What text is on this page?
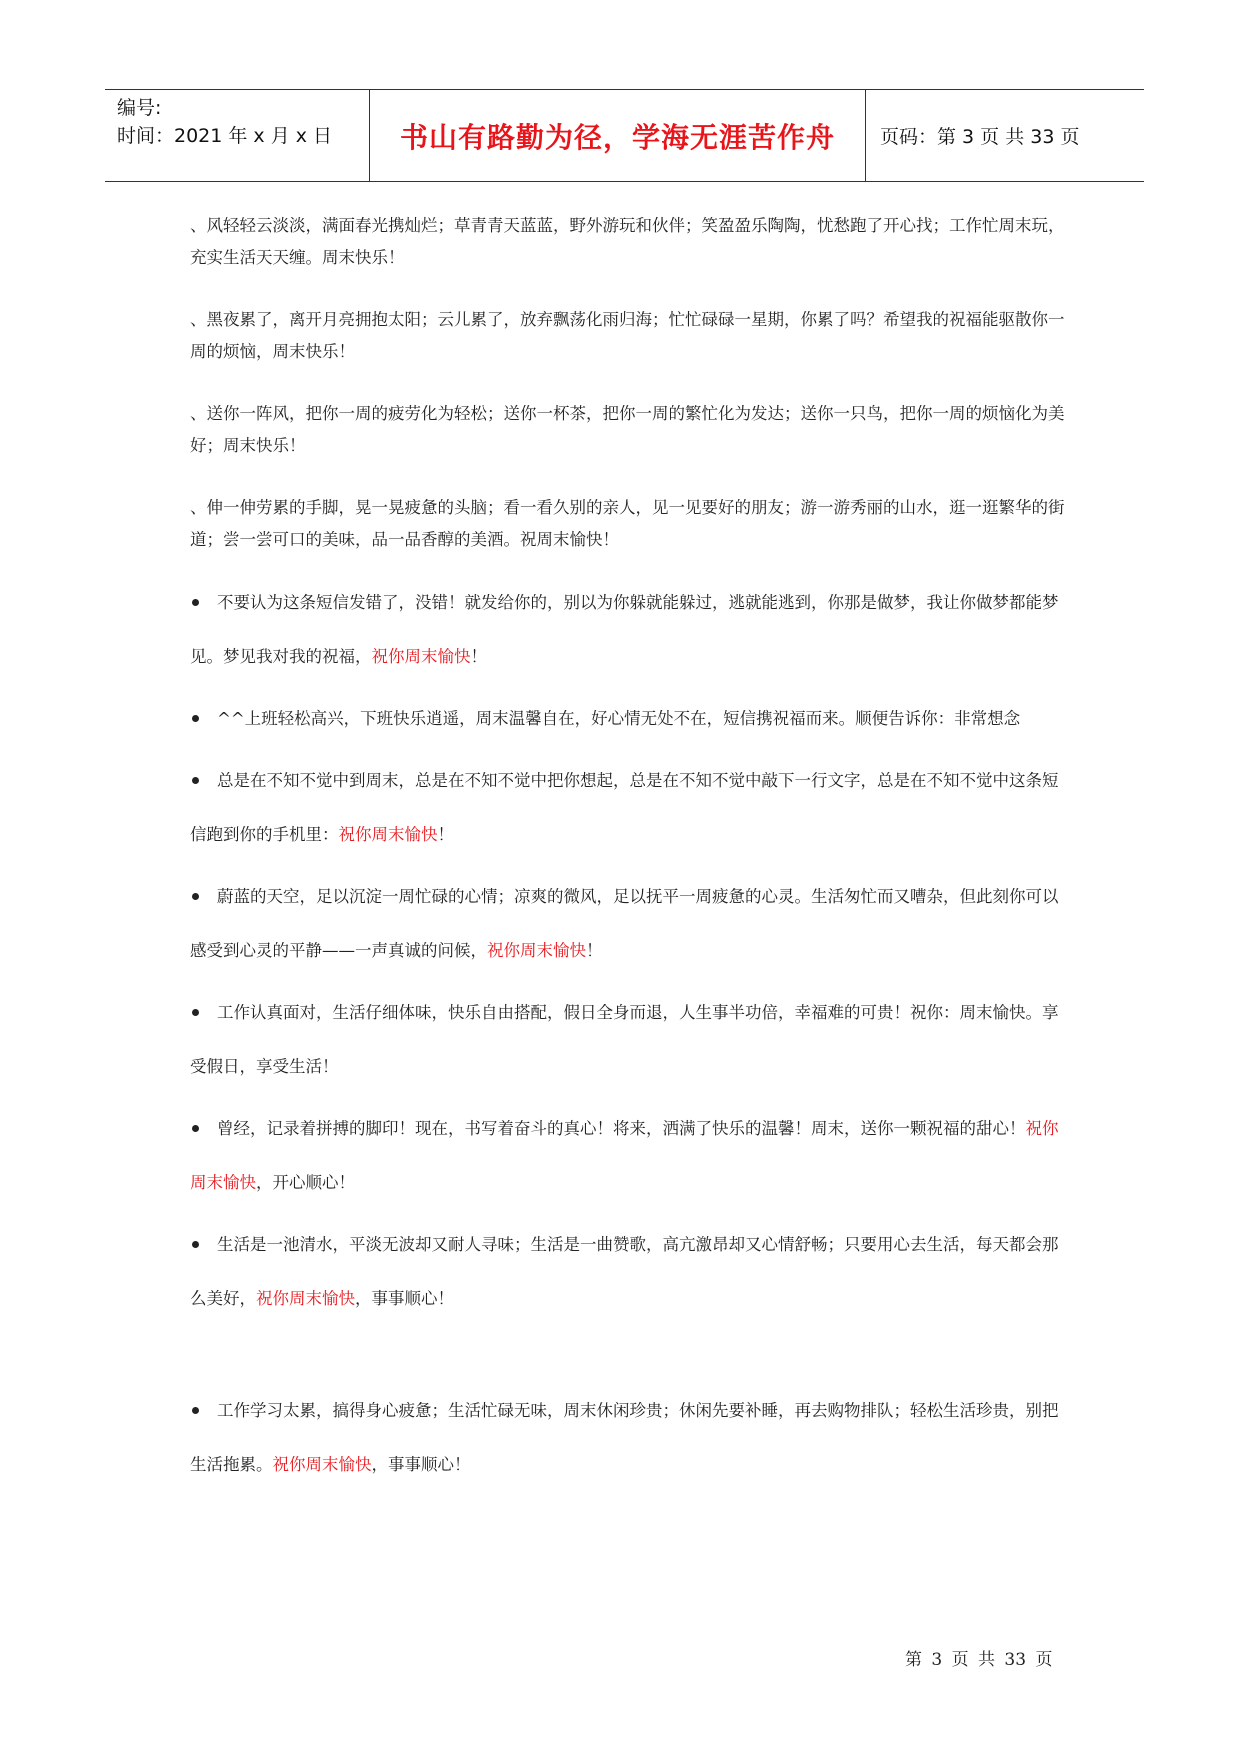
编号:
时间：2021 年 x 月 x 日	书山有路勤为径，学海无涯苦作舟 页码：第 3 页 共 33 页

、风轻轻云淡淡，满面春光携灿烂；草青青天蓝蓝，野外游玩和伙伴；笑盈盈乐陶陶，忧愁跑了开心找；工作忙周末玩，充实生活天天缠。周末快乐！

、黑夜累了，离开月亮拥抱太阳；云儿累了，放弃飘荡化雨归海；忙忙碌碌一星期，你累了吗？希望我的祝福能驱散你一周的烦恼，周末快乐！

、送你一阵风，把你一周的疲劳化为轻松；送你一杯茶，把你一周的繁忙化为发达；送你一只鸟，把你一周的烦恼化为美好；周末快乐！

、伸一伸劳累的手脚，晃一晃疲惫的头脑；看一看久别的亲人，见一见要好的朋友；游一游秀丽的山水，逛一逛繁华的街道；尝一尝可口的美味，品一品香醇的美酒。祝周末愉快！

不要认为这条短信发错了，没错！就发给你的，别以为你躲就能躲过，逃就能逃到，你那是做梦，我让你做梦都能梦见。梦见我对我的祝福，祝你周末愉快！

^^上班轻松高兴，下班快乐逍遥，周末温馨自在，好心情无处不在，短信携祝福而来。顺便告诉你：非常想念

总是在不知不觉中到周末，总是在不知不觉中把你想起，总是在不知不觉中敲下一行文字，总是在不知不觉中这条短信跑到你的手机里：祝你周末愉快！

蔚蓝的天空，足以沉淀一周忙碌的心情；凉爽的微风，足以抚平一周疲惫的心灵。生活匆忙而又嘈杂，但此刻你可以感受到心灵的平静——一声真诚的问候，祝你周末愉快！

工作认真面对，生活仔细体味，快乐自由搭配，假日全身而退，人生事半功倍，幸福难的可贵！祝你：周末愉快。享受假日，享受生活！

曾经，记录着拼搏的脚印！现在，书写着奋斗的真心！将来，洒满了快乐的温馨！周末，送你一颗祝福的甜心！祝你周末愉快，开心顺心！

生活是一池清水，平淡无波却又耐人寻味；生活是一曲赞歌，高亢激昂却又心情舒畅；只要用心去生活，每天都会那么美好，祝你周末愉快，事事顺心！

工作学习太累，搞得身心疲惫；生活忙碌无味，周末休闲珍贵；休闲先要补睡，再去购物排队；轻松生活珍贵，别把生活拖累。祝你周末愉快，事事顺心！

第 3 页 共 33 页
